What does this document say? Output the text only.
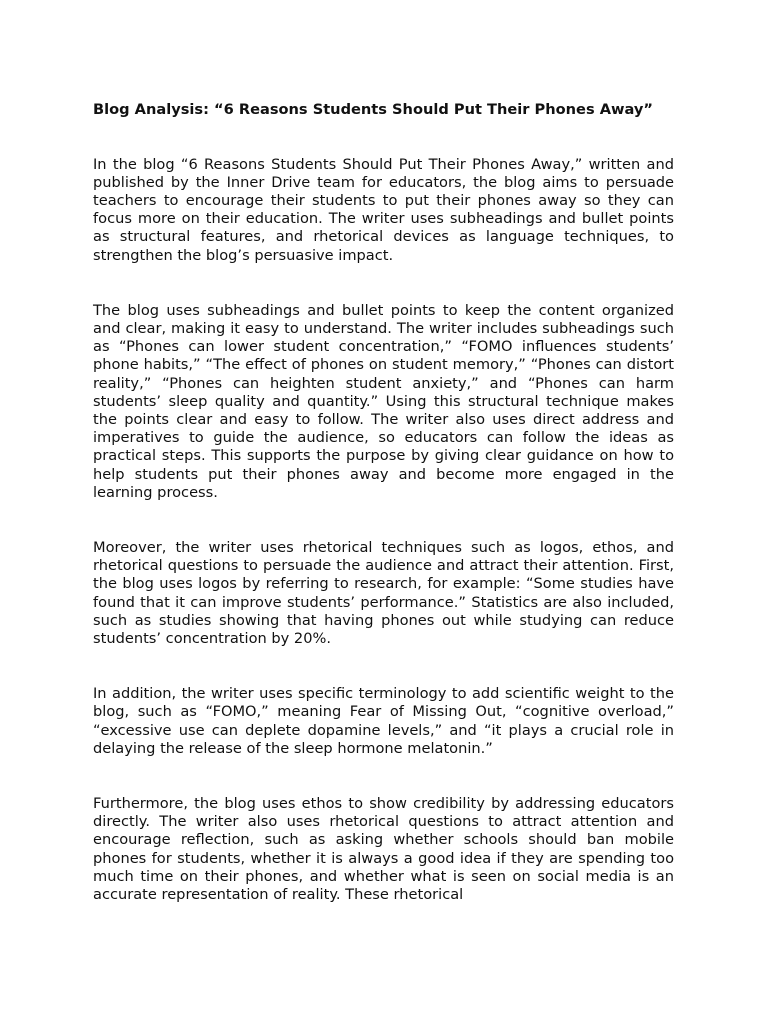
Blog Analysis: “6 Reasons Students Should Put Their Phones Away”

In the blog “6 Reasons Students Should Put Their Phones Away,” written and published by the Inner Drive team for educators, the blog aims to persuade teachers to encourage their students to put their phones away so they can focus more on their education. The writer uses subheadings and bullet points as structural features, and rhetorical devices as language techniques, to strengthen the blog’s persuasive impact.

The blog uses subheadings and bullet points to keep the content organized and clear, making it easy to understand. The writer includes subheadings such as “Phones can lower student concentration,” “FOMO influences students’ phone habits,” “The effect of phones on student memory,” “Phones can distort reality,” “Phones can heighten student anxiety,” and “Phones can harm students’ sleep quality and quantity.” Using this structural technique makes the points clear and easy to follow. The writer also uses direct address and imperatives to guide the audience, so educators can follow the ideas as practical steps. This supports the purpose by giving clear guidance on how to help students put their phones away and become more engaged in the learning process.

Moreover, the writer uses rhetorical techniques such as logos, ethos, and rhetorical questions to persuade the audience and attract their attention. First, the blog uses logos by referring to research, for example: “Some studies have found that it can improve students’ performance.” Statistics are also included, such as studies showing that having phones out while studying can reduce students’ concentration by 20%.

In addition, the writer uses specific terminology to add scientific weight to the blog, such as “FOMO,” meaning Fear of Missing Out, “cognitive overload,” “excessive use can deplete dopamine levels,” and “it plays a crucial role in delaying the release of the sleep hormone melatonin.”

Furthermore, the blog uses ethos to show credibility by addressing educators directly. The writer also uses rhetorical questions to attract attention and encourage reflection, such as asking whether schools should ban mobile phones for students, whether it is always a good idea if they are spending too much time on their phones, and whether what is seen on social media is an accurate representation of reality. These rhetorical
